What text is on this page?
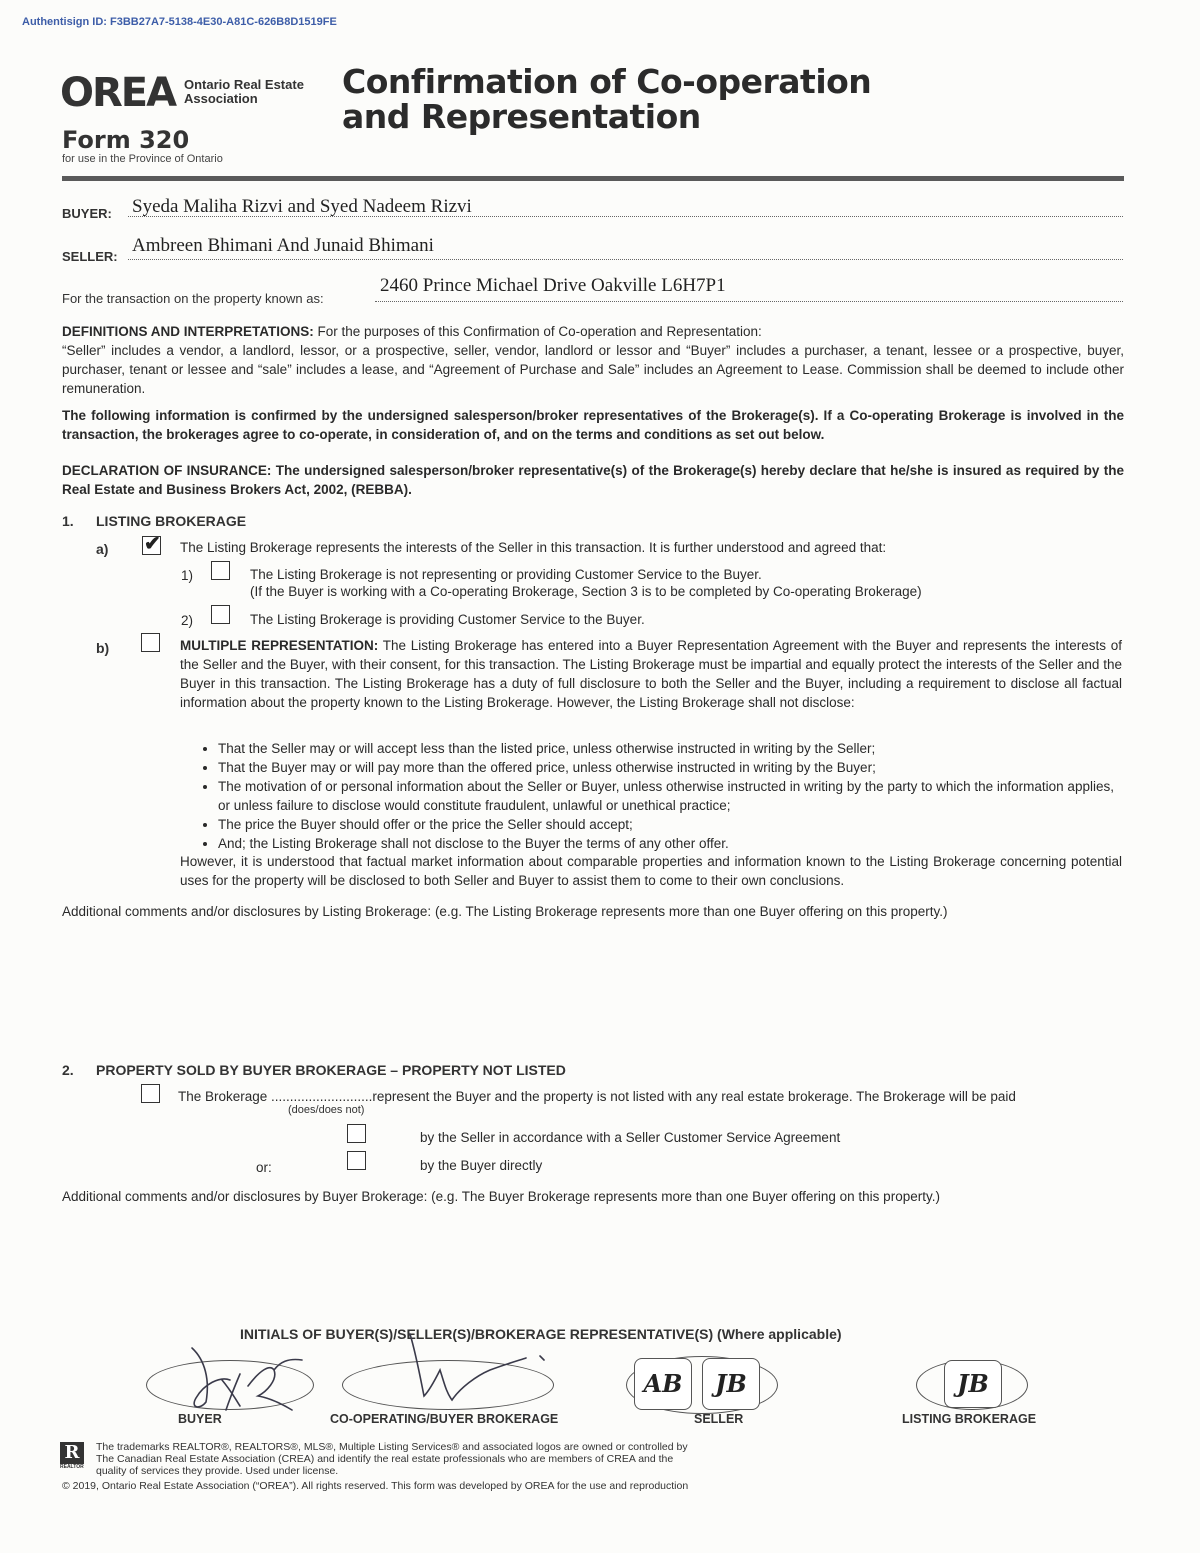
Authentisign ID: F3BB27A7-5138-4E30-A81C-626B8D1519FE
OREA Ontario Real Estate
Association	Confirmation of Co-operation
and Representation
Form 320
for use in the Province of Ontario
BUYER: Syeda Maliha Rizvi and Syed Nadeem Rizvi
SELLER:
Ambreen Bhimani And Junaid Bhimani
For the transaction on the property known as:
2460 Prince Michael Drive Oakville L6H7P1
DEFINITIONS AND INTERPRETATIONS: For the purposes of this Confirmation of Co-operation and Representation:
“Seller” includes a vendor, a landlord, lessor, or a prospective, seller, vendor, landlord or lessor and “Buyer” includes a purchaser, a tenant, lessee or a prospective, buyer, purchaser, tenant or lessee and “sale” includes a lease, and “Agreement of Purchase and Sale” includes an Agreement to Lease. Commission shall be deemed to include other remuneration.
The following information is confirmed by the undersigned salesperson/broker representatives of the Brokerage(s). If a Co-operating Brokerage is involved in the transaction, the brokerages agree to co-operate, in consideration of, and on the terms and conditions as set out below.
DECLARATION OF INSURANCE: The undersigned salesperson/broker representative(s) of the Brokerage(s) hereby declare that he/she is insured as required by the Real Estate and Business Brokers Act, 2002, (REBBA).
1. LISTING BROKERAGE
a) ✔ The Listing Brokerage represents the interests of the Seller in this transaction. It is further understood and agreed that:
1)	The Listing Brokerage is not representing or providing Customer Service to the Buyer.
(If the Buyer is working with a Co-operating Brokerage, Section 3 is to be completed by Co-operating Brokerage)
2)	The Listing Brokerage is providing Customer Service to the Buyer.
b)	MULTIPLE REPRESENTATION: The Listing Brokerage has entered into a Buyer Representation Agreement with the Buyer and represents the interests of the Seller and the Buyer, with their consent, for this transaction. The Listing Brokerage must be impartial and equally protect the interests of the Seller and the Buyer in this transaction. The Listing Brokerage has a duty of full disclosure to both the Seller and the Buyer, including a requirement to disclose all factual information about the property known to the Listing Brokerage. However, the Listing Brokerage shall not disclose:
• That the Seller may or will accept less than the listed price, unless otherwise instructed in writing by the Seller;
• That the Buyer may or will pay more than the offered price, unless otherwise instructed in writing by the Buyer;
• The motivation of or personal information about the Seller or Buyer, unless otherwise instructed in writing by the party to which the information applies, or unless failure to disclose would constitute fraudulent, unlawful or unethical practice;
• The price the Buyer should offer or the price the Seller should accept;
• And; the Listing Brokerage shall not disclose to the Buyer the terms of any other offer.
However, it is understood that factual market information about comparable properties and information known to the Listing Brokerage concerning potential uses for the property will be disclosed to both Seller and Buyer to assist them to come to their own conclusions.
Additional comments and/or disclosures by Listing Brokerage: (e.g. The Listing Brokerage represents more than one Buyer offering on this property.)
2. PROPERTY SOLD BY BUYER BROKERAGE – PROPERTY NOT LISTED
The Brokerage ...........................represent the Buyer and the property is not listed with any real estate brokerage. The Brokerage will be paid
(does/does not)
by the Seller in accordance with a Seller Customer Service Agreement
or:	by the Buyer directly
Additional comments and/or disclosures by Buyer Brokerage: (e.g. The Buyer Brokerage represents more than one Buyer offering on this property.)
INITIALS OF BUYER(S)/SELLER(S)/BROKERAGE REPRESENTATIVE(S) (Where applicable)
BUYER	CO-OPERATING/BUYER BROKERAGE
AB	JB
SELLER
JB
LISTING BROKERAGE
R
REALTOR
The trademarks REALTOR®, REALTORS®, MLS®, Multiple Listing Services® and associated logos are owned or controlled by
The Canadian Real Estate Association (CREA) and identify the real estate professionals who are members of CREA and the
quality of services they provide. Used under license.
© 2019, Ontario Real Estate Association (“OREA”). All rights reserved. This form was developed by OREA for the use and reproduction
